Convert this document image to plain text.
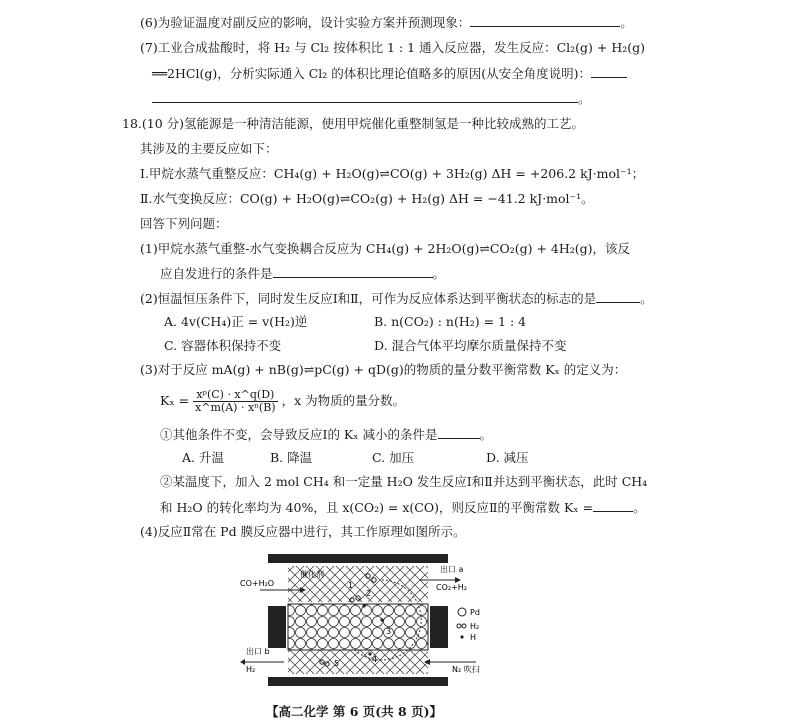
(6)为验证温度对副反应的影响，设计实验方案并预测现象：	。
(7)工业合成盐酸时，将 H₂ 与 Cl₂ 按体积比 1 : 1 通入反应器，发生反应：Cl₂(g) + H₂(g)
══2HCl(g)，分析实际通入 Cl₂ 的体积比理论值略多的原因(从安全角度说明)：
。
18.(10 分)氢能源是一种清洁能源，使用甲烷催化重整制氢是一种比较成熟的工艺。
其涉及的主要反应如下：
Ⅰ.甲烷水蒸气重整反应：CH₄(g) + H₂O(g)⇌CO(g) + 3H₂(g) ΔH = +206.2 kJ·mol⁻¹；
Ⅱ.水气变换反应：CO(g) + H₂O(g)⇌CO₂(g) + H₂(g) ΔH = −41.2 kJ·mol⁻¹。
回答下列问题：
(1)甲烷水蒸气重整-水气变换耦合反应为 CH₄(g) + 2H₂O(g)⇌CO₂(g) + 4H₂(g)，该反
应自发进行的条件是	。
(2)恒温恒压条件下，同时发生反应Ⅰ和Ⅱ，可作为反应体系达到平衡状态的标志的是	。
A. 4v(CH₄)正 = v(H₂)逆	B. n(CO₂) : n(H₂) = 1 : 4
C. 容器体积保持不变	D. 混合气体平均摩尔质量保持不变
(3)对于反应 mA(g) + nB(g)⇌pC(g) + qD(g)的物质的量分数平衡常数 Kₓ 的定义为：
$K_x = \frac{\text{xᵖ(C) · x\textasciicircum{}q(D)}}{\text{x\textasciicircum{}m(A) · xⁿ(B)}}$ ，x 为物质的量分数。
①其他条件不变，会导致反应Ⅰ的 Kₓ 减小的条件是	。
A. 升温	B. 降温	C. 加压	D. 减压
②某温度下，加入 2 mol CH₄ 和一定量 H₂O 发生反应Ⅰ和Ⅱ并达到平衡状态，此时 CH₄
和 H₂O 的转化率均为 40%，且 x(CO₂) = x(CO)，则反应Ⅱ的平衡常数 Kₓ =	。
(4)反应Ⅱ常在 Pd 膜反应器中进行，其工作原理如图所示。
催化剂
出口 a
CO₂+H₂
CO+H₂O
出口 b
H₂	N₂ 吹扫
Pd
H₂
H
1
2
3
4
5
【高二化学 第 6 页(共 8 页)】
